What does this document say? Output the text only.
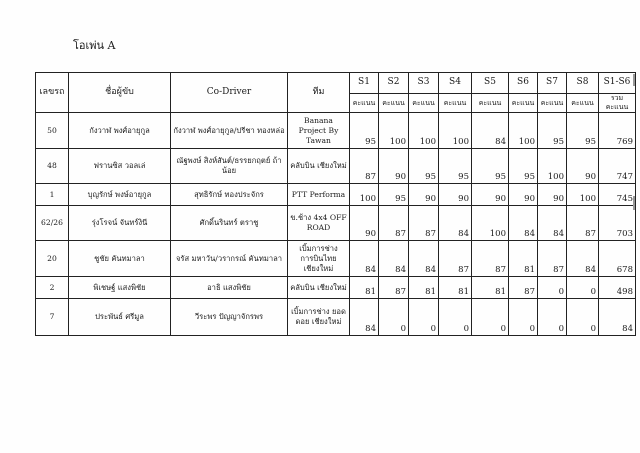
โอเพ่น A
เลขรถ	ชื่อผู้ขับ	Co-Driver	ทีม	S1	S2	S3	S4	S5	S6	S7	S8	S1-S6
				คะแนน	คะแนน	คะแนน	คะแนน	คะแนน	คะแนน	คะแนน	คะแนน	รวมคะแนน
50	กังวาฬ พงศ์อายุกูล	กังวาฬ พงศ์อายุกูล/ปรีชา ทองหล่อ	Banana Project By Tawan	95	100	100	100	84	100	95	95	769
48	ฟรานซิส วอลเล่	ณัฐพงษ์ สิงห์สันต์/ธรรยกฤตย์ ถ้าน้อย	คลับบิน เชียงใหม่	87	90	95	95	95	95	100	90	747
1	บุญรักษ์ พงษ์อายุกูล	สุทธิรักษ์ ทองประจักร	PTT Performa	100	95	90	90	90	90	90	100	745
62/26	รุ่งโรจน์ จันทร์งินี	ศักดิ์นรินทร์ ตราชู	ข.ช้าง 4x4 OFF ROAD	90	87	87	84	100	84	84	87	703
20	ชูชัย คันทมาลา	จรัส มหาวัน/วรากรณ์ คันทมาลา	เบิ้มการช่าง การบินไทย เชียงใหม่	84	84	84	87	87	81	87	84	678
2	พิเชษฐ์ แสงพิชัย	อาธิ แสงพิชัย	คลับบิน เชียงใหม่	81	87	81	81	81	87	0	0	498
7	ประพันธ์ ศรีมูล	วีระพร ปัญญาจักรพร	เบิ้มการช่าง ยอดดอย เชียงใหม่	84	0	0	0	0	0	0	0	84
